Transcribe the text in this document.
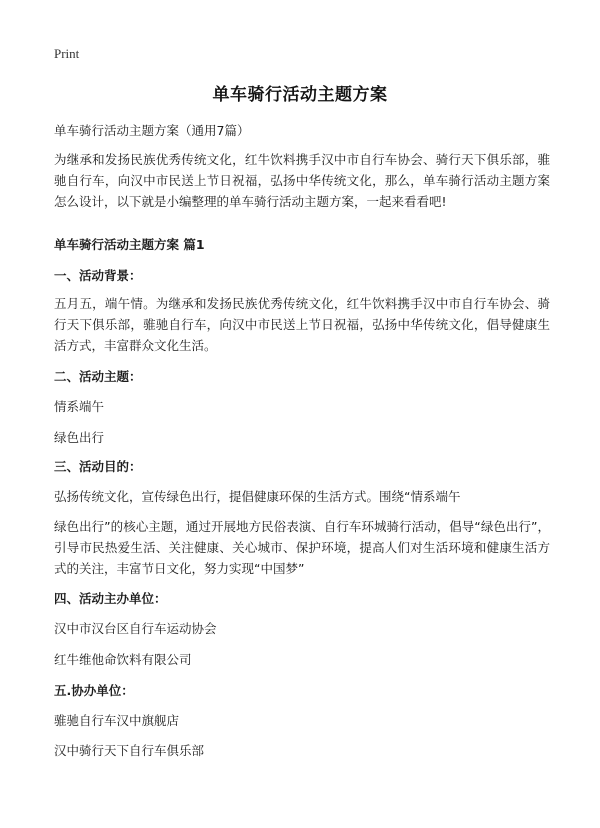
Print
单车骑行活动主题方案
单车骑行活动主题方案（通用7篇）

为继承和发扬民族优秀传统文化，红牛饮料携手汉中市自行车协会、骑行天下俱乐部，骓驰自行车，向汉中市民送上节日祝福，弘扬中华传统文化，那么，单车骑行活动主题方案怎么设计，以下就是小编整理的单车骑行活动主题方案，一起来看看吧!

单车骑行活动主题方案 篇1

一、活动背景：

五月五，端午情。为继承和发扬民族优秀传统文化，红牛饮料携手汉中市自行车协会、骑行天下俱乐部，骓驰自行车，向汉中市民送上节日祝福，弘扬中华传统文化，倡导健康生活方式，丰富群众文化生活。

二、活动主题：

情系端午

绿色出行

三、活动目的：

弘扬传统文化，宣传绿色出行，提倡健康环保的生活方式。围绕“情系端午

绿色出行”的核心主题，通过开展地方民俗表演、自行车环城骑行活动，倡导“绿色出行”，引导市民热爱生活、关注健康、关心城市、保护环境，提高人们对生活环境和健康生活方式的关注，丰富节日文化，努力实现“中国梦”

四、活动主办单位：

汉中市汉台区自行车运动协会

红牛维他命饮料有限公司

五.协办单位：

骓驰自行车汉中旗舰店

汉中骑行天下自行车俱乐部
